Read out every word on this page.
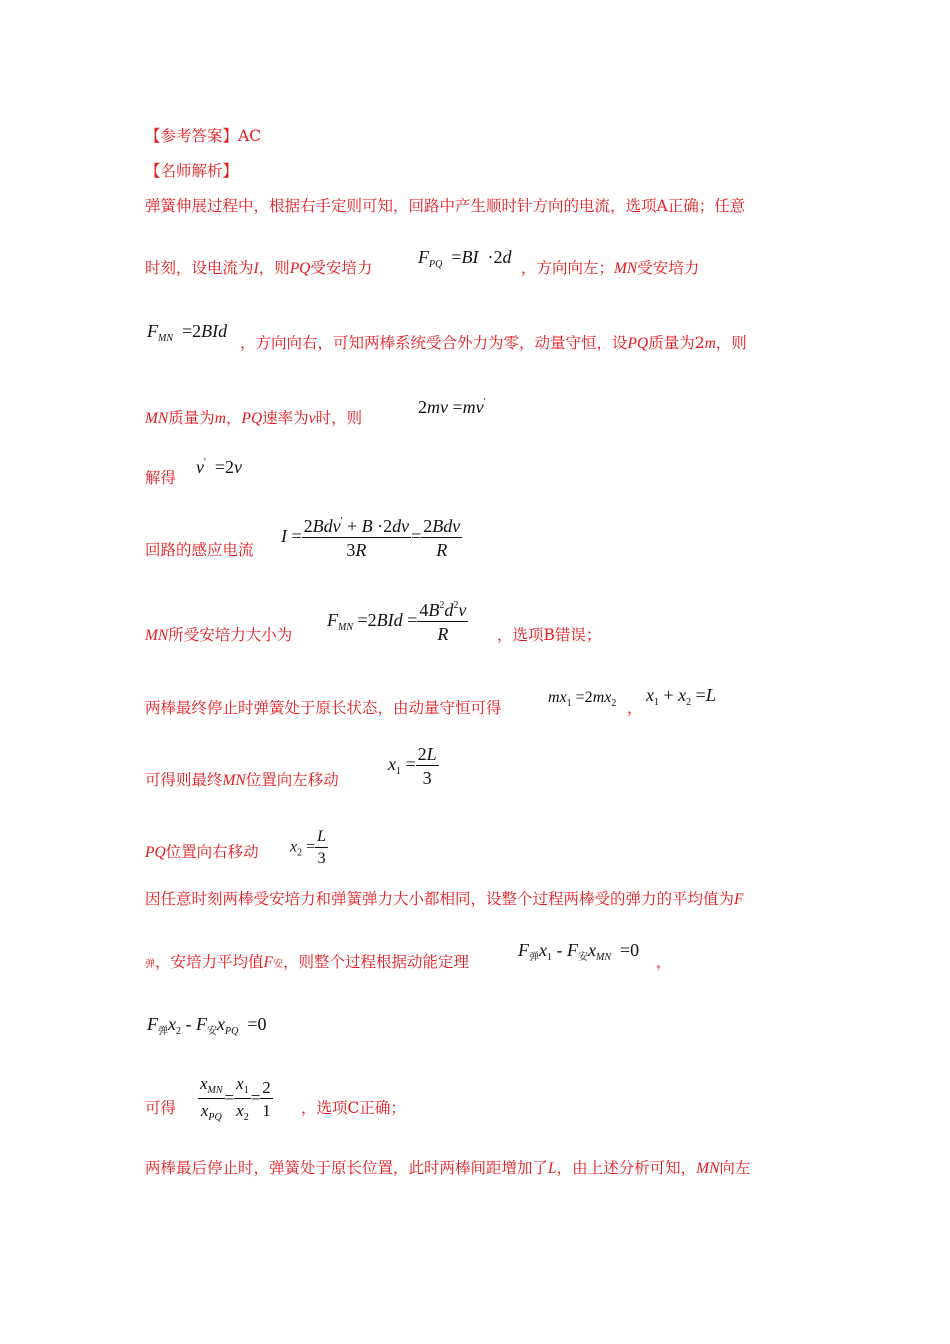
【参考答案】AC
【名师解析】
弹簧伸展过程中，根据右手定则可知，回路中产生顺时针方向的电流，选项A正确；任意
时刻，设电流为I，则PQ受安培力
$F_{PQ} =BI \cdot 2d$
，方向向左；MN受安培力
$F_{MN} =2BId$
，方向向右，可知两棒系统受合外力为零，动量守恒，设PQ质量为2m，则
MN质量为m，PQ速率为v时，则
2mv =mv'
解得
v'  =2v
回路的感应电流
$I = \frac{2Bdv' + B \cdot 2dv}{3R} = \frac{\text{2Bdv}}{R}$
MN所受安培力大小为
$F_{MN} =2BId = \frac{4B^2d^2v}{R}$ ，选项B错误；
两棒最终停止时弹簧处于原长状态，由动量守恒可得
$mx_1 =2mx_2$ ，
$x_1 + x_2 =L$
可得则最终MN位置向左移动
$x_1 = \frac{2L}{3}$
PQ位置向右移动 $x_2 = \frac{L}{3}$
因任意时刻两棒受安培力和弹簧弹力大小都相同，设整个过程两棒受的弹力的平均值为F
弹，安培力平均值F安，则整个过程根据动能定理
$F_弹x_1 - F_安x_{MN} =0$
，
$F_弹x_2 - F_安x_{PQ} =0$
可得 $\frac{x_{MN}}{x_{PQ}} = \frac{x_1}{x_2} = \frac{2}{1}$ ，选项C正确；
两棒最后停止时，弹簧处于原长位置，此时两棒间距增加了L，由上述分析可知，MN向左
